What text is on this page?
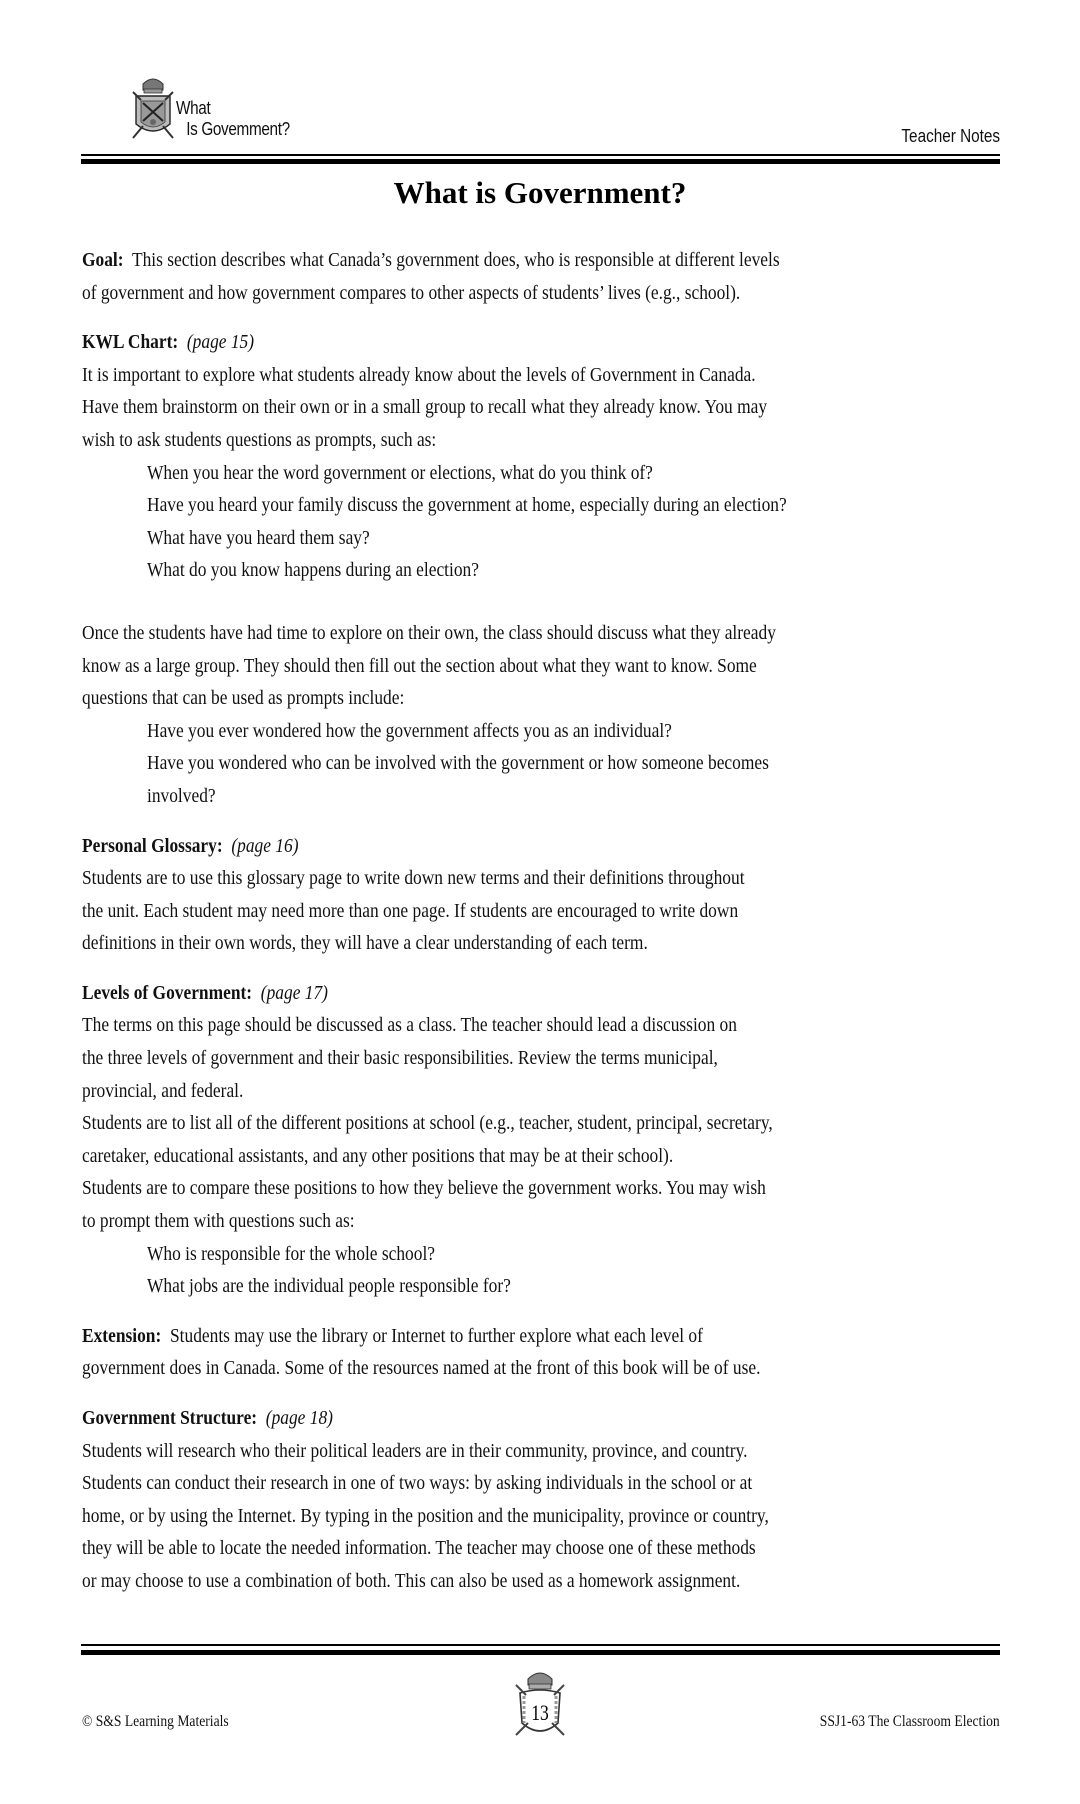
What
Is Govemment?	Teacher Notes
What is Government?
Goal: This section describes what Canada’s government does, who is responsible at different levels
of government and how government compares to other aspects of students’ lives (e.g., school).
KWL Chart: (page 15)
It is important to explore what students already know about the levels of Government in Canada.
Have them brainstorm on their own or in a small group to recall what they already know. You may
wish to ask students questions as prompts, such as:
When you hear the word government or elections, what do you think of?
Have you heard your family discuss the government at home, especially during an election?
What have you heard them say?
What do you know happens during an election?
Once the students have had time to explore on their own, the class should discuss what they already
know as a large group. They should then fill out the section about what they want to know. Some
questions that can be used as prompts include:
Have you ever wondered how the government affects you as an individual?
Have you wondered who can be involved with the government or how someone becomes
involved?
Personal Glossary: (page 16)
Students are to use this glossary page to write down new terms and their definitions throughout
the unit. Each student may need more than one page. If students are encouraged to write down
definitions in their own words, they will have a clear understanding of each term.
Levels of Government: (page 17)
The terms on this page should be discussed as a class. The teacher should lead a discussion on
the three levels of government and their basic responsibilities. Review the terms municipal,
provincial, and federal.
Students are to list all of the different positions at school (e.g., teacher, student, principal, secretary,
caretaker, educational assistants, and any other positions that may be at their school).
Students are to compare these positions to how they believe the government works. You may wish
to prompt them with questions such as:
Who is responsible for the whole school?
What jobs are the individual people responsible for?
Extension: Students may use the library or Internet to further explore what each level of
government does in Canada. Some of the resources named at the front of this book will be of use.
Government Structure: (page 18)
Students will research who their political leaders are in their community, province, and country.
Students can conduct their research in one of two ways: by asking individuals in the school or at
home, or by using the Internet. By typing in the position and the municipality, province or country,
they will be able to locate the needed information. The teacher may choose one of these methods
or may choose to use a combination of both. This can also be used as a homework assignment.
© S&S Learning Materials	13	SSJ1-63 The Classroom Election
